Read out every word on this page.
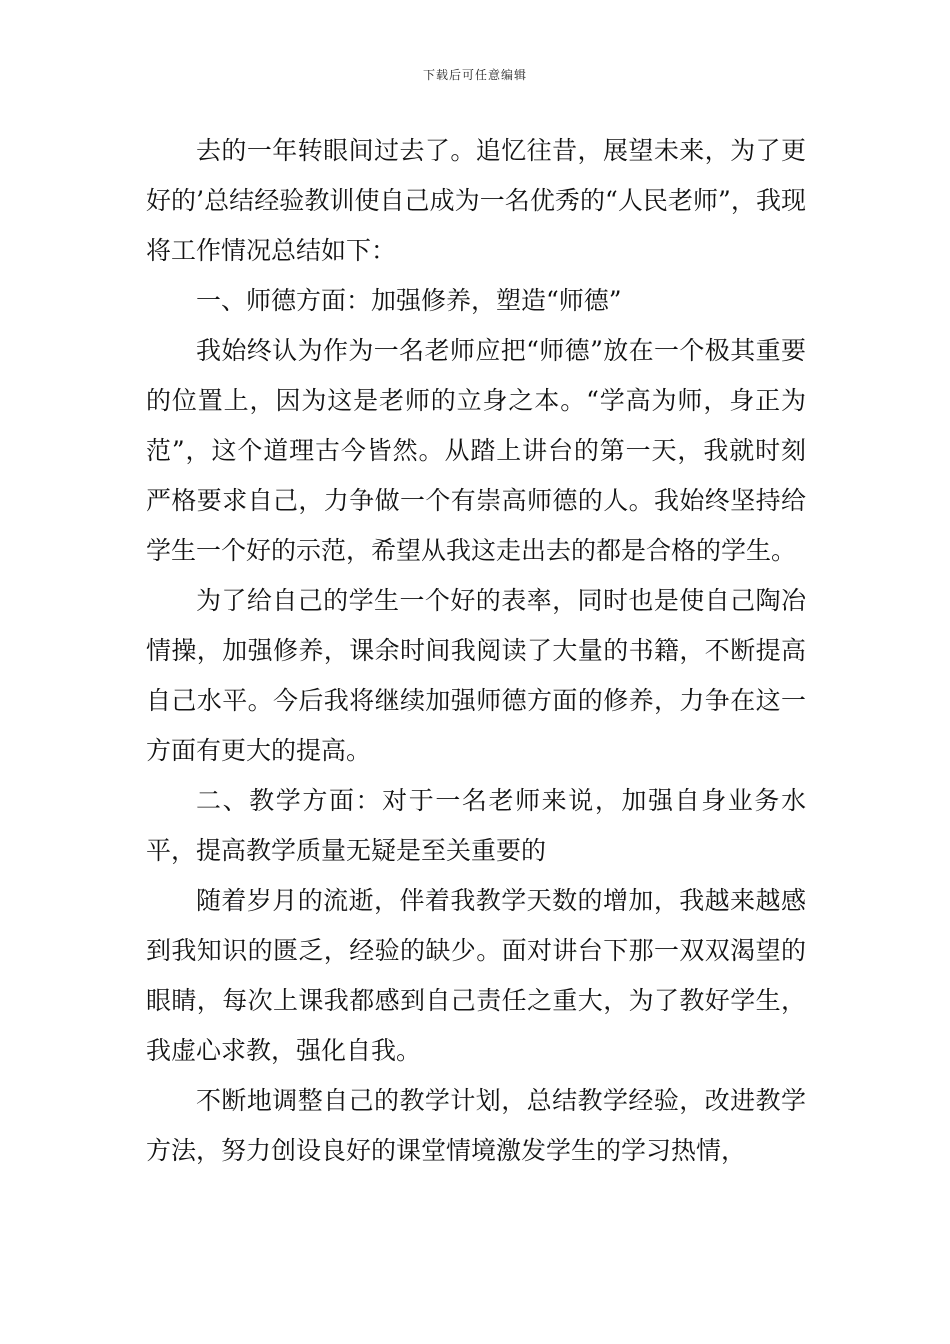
下载后可任意编辑

去的一年转眼间过去了。追忆往昔，展望未来，为了更好的’总结经验教训使自己成为一名优秀的“人民老师”，我现将工作情况总结如下：

一、师德方面：加强修养，塑造“师德”

我始终认为作为一名老师应把“师德”放在一个极其重要的位置上，因为这是老师的立身之本。“学高为师，身正为范”，这个道理古今皆然。从踏上讲台的第一天，我就时刻严格要求自己，力争做一个有崇高师德的人。我始终坚持给学生一个好的示范，希望从我这走出去的都是合格的学生。

为了给自己的学生一个好的表率，同时也是使自己陶冶情操，加强修养，课余时间我阅读了大量的书籍，不断提高自己水平。今后我将继续加强师德方面的修养，力争在这一方面有更大的提高。

二、教学方面：对于一名老师来说，加强自身业务水平，提高教学质量无疑是至关重要的

随着岁月的流逝，伴着我教学天数的增加，我越来越感到我知识的匮乏，经验的缺少。面对讲台下那一双双渴望的眼睛，每次上课我都感到自己责任之重大，为了教好学生，我虚心求教，强化自我。

不断地调整自己的教学计划，总结教学经验，改进教学方法，努力创设良好的课堂情境激发学生的学习热情，
